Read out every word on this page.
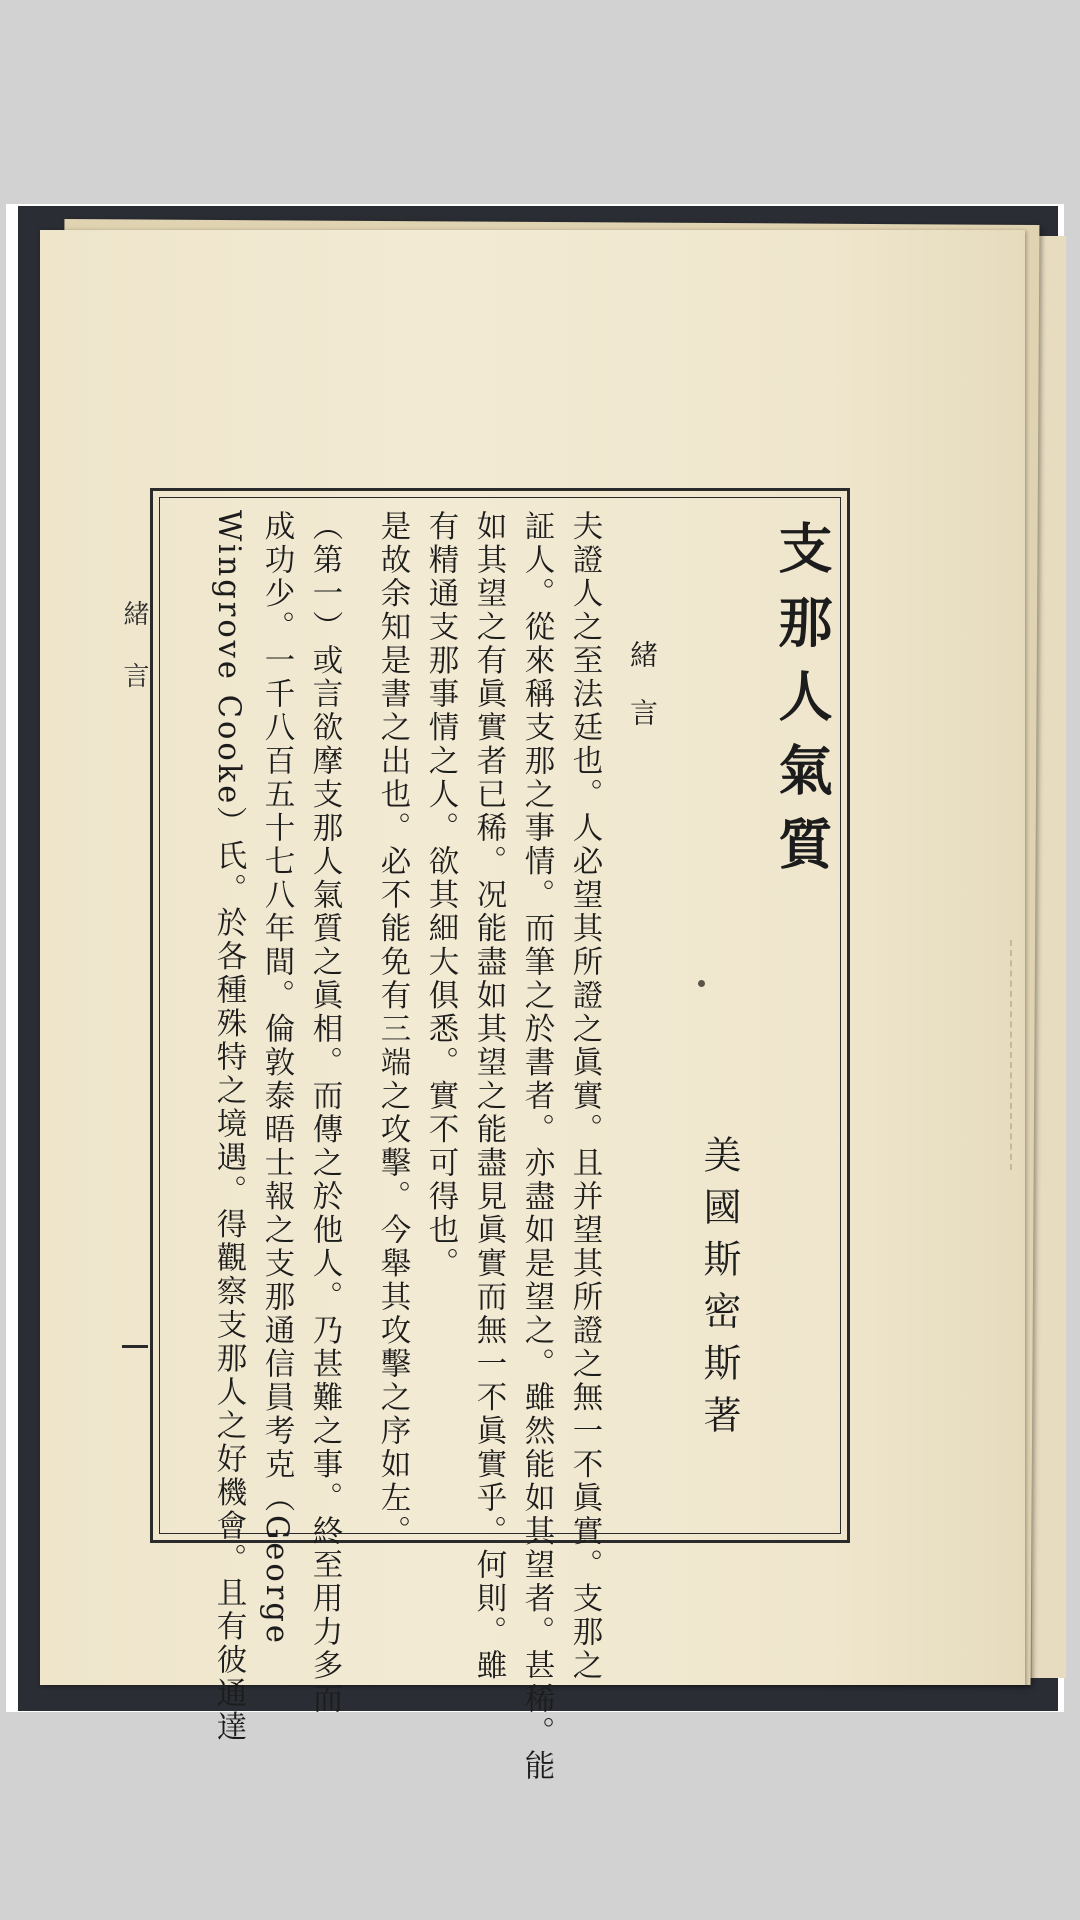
支那人氣質
美國斯密斯著
緒言
夫證人之至法廷也。人必望其所證之眞實。且并望其所證之無一不眞實。支那之
証人。從來稱支那之事情。而筆之於書者。亦盡如是望之。雖然能如其望者。甚稀。能
如其望之有眞實者已稀。况能盡如其望之能盡見眞實而無一不眞實乎。何則。雖
有精通支那事情之人。欲其細大俱悉。實不可得也。
是故余知是書之出也。必不能免有三端之攻擊。今舉其攻擊之序如左。
（第一）或言欲摩支那人氣質之眞相。而傳之於他人。乃甚難之事。終至用力多而
成功少。一千八百五十七八年間。倫敦泰晤士報之支那通信員考克（George
Wingrove Cooke）氏。於各種殊特之境遇。得觀察支那人之好機會。且有彼通達
緒言
